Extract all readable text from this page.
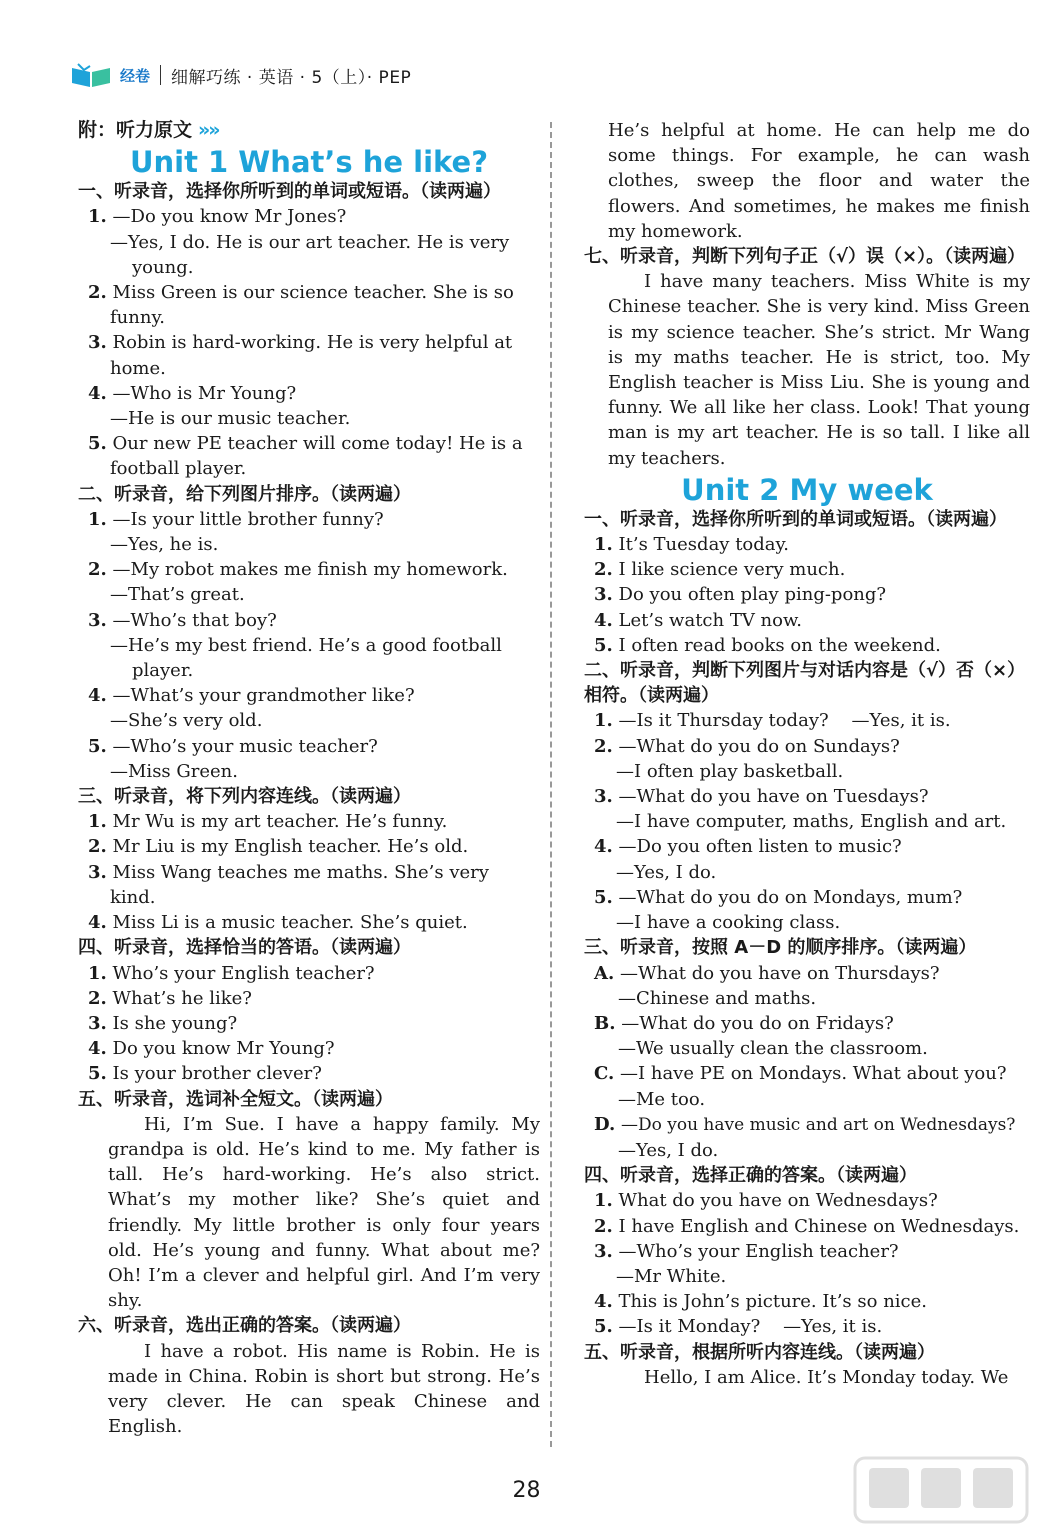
经卷 细解巧练 · 英语 · 5（上）· PEP
附：听力原文 »»
Unit 1 What’s he like?
一、听录音，选择你所听到的单词或短语。（读两遍）
1. —Do you know Mr Jones?
—Yes, I do. He is our art teacher. He is very young.
2. Miss Green is our science teacher. She is so funny.
3. Robin is hard-working. He is very helpful at home.
4. —Who is Mr Young?
—He is our music teacher.
5. Our new PE teacher will come today! He is a football player.
二、听录音，给下列图片排序。（读两遍）
1. —Is your little brother funny?
—Yes, he is.
2. —My robot makes me finish my homework.
—That’s great.
3. —Who’s that boy?
—He’s my best friend. He’s a good football player.
4. —What’s your grandmother like?
—She’s very old.
5. —Who’s your music teacher?
—Miss Green.
三、听录音，将下列内容连线。（读两遍）
1. Mr Wu is my art teacher. He’s funny.
2. Mr Liu is my English teacher. He’s old.
3. Miss Wang teaches me maths. She’s very kind.
4. Miss Li is a music teacher. She’s quiet.
四、听录音，选择恰当的答语。（读两遍）
1. Who’s your English teacher?
2. What’s he like?
3. Is she young?
4. Do you know Mr Young?
5. Is your brother clever?
五、听录音，选词补全短文。（读两遍）
Hi, I’m Sue. I have a happy family. My grandpa is old. He’s kind to me. My father is tall. He’s hard-working. He’s also strict. What’s my mother like? She’s quiet and friendly. My little brother is only four years old. He’s young and funny. What about me? Oh! I’m a clever and helpful girl. And I’m very shy.
六、听录音，选出正确的答案。（读两遍）
I have a robot. His name is Robin. He is made in China. Robin is short but strong. He’s very clever. He can speak Chinese and English.
He’s helpful at home. He can help me do some things. For example, he can wash clothes, sweep the floor and water the flowers. And sometimes, he makes me finish my homework.
七、听录音，判断下列句子正（√）误（×）。（读两遍）
I have many teachers. Miss White is my Chinese teacher. She is very kind. Miss Green is my science teacher. She’s strict. Mr Wang is my maths teacher. He is strict, too. My English teacher is Miss Liu. She is young and funny. We all like her class. Look! That young man is my art teacher. He is so tall. I like all my teachers.
Unit 2 My week
一、听录音，选择你所听到的单词或短语。（读两遍）
1. It’s Tuesday today.
2. I like science very much.
3. Do you often play ping-pong?
4. Let’s watch TV now.
5. I often read books on the weekend.
二、听录音，判断下列图片与对话内容是（√）否（×）相符。（读两遍）
1. —Is it Thursday today?    —Yes, it is.
2. —What do you do on Sundays?
—I often play basketball.
3. —What do you have on Tuesdays?
—I have computer, maths, English and art.
4. —Do you often listen to music?
—Yes, I do.
5. —What do you do on Mondays, mum?
—I have a cooking class.
三、听录音，按照 A－D 的顺序排序。（读两遍）
A. —What do you have on Thursdays?
—Chinese and maths.
B. —What do you do on Fridays?
—We usually clean the classroom.
C. —I have PE on Mondays. What about you?
—Me too.
D. —Do you have music and art on Wednesdays?
—Yes, I do.
四、听录音，选择正确的答案。（读两遍）
1. What do you have on Wednesdays?
2. I have English and Chinese on Wednesdays.
3. —Who’s your English teacher?
—Mr White.
4. This is John’s picture. It’s so nice.
5. —Is it Monday?    —Yes, it is.
五、听录音，根据所听内容连线。（读两遍）
Hello, I am Alice. It’s Monday today. We
28
